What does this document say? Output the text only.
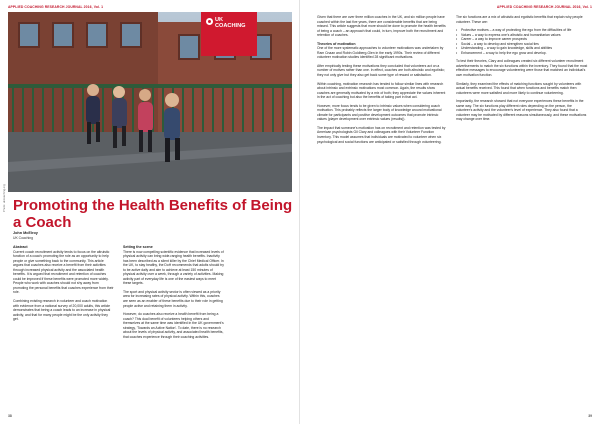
APPLIED COACHING RESEARCH JOURNAL 2016, Vol. 1
UK
COACHING
Photo: ukcoaching.org Promoting the Health Benefits of Being a Coach
John McElroy
UK Coaching
Abstract

Current coach recruitment activity tends to focus on the altruistic function of a coach: promoting the role as an opportunity to help people or give something back to the community. This article argues that coaches also receive a benefit from their activities through increased physical activity and the associated health benefits. It is argued that recruitment and retention of coaches could be improved if these benefits were promoted more widely. People who work with coaches should not shy away from promoting the personal benefits that coaches experience from their role.

Combining existing research in volunteer and coach motivation with evidence from a national survey of 20,000 adults, this article demonstrates that being a coach leads to an increase in physical activity, and that for many people might be the only activity they get.

Setting the scene

There is now compelling scientific evidence that increased levels of physical activity can bring wide-ranging health benefits. Inactivity has been described as a silent killer by the Chief Medical Officer. In the UK, to stay healthy, the DoH recommends that adults should try to be active daily and aim to achieve at least 150 minutes of physical activity over a week, through a variety of activities. Making activity part of everyday life is one of the easiest ways to meet these targets.

The sport and physical activity sector is often viewed as a priority area for increasing rates of physical activity. Within this, coaches are seen as an enabler of these benefits due to their role in getting people active and retaining them in activity.

However, do coaches also receive a health benefit from being a coach? This dual benefit of volunteers helping others and themselves at the same time was identified in the UK government's strategy, 'Towards an Active Nation'. To date, there is no research about the levels of physical activity, and associated health benefits, that coaches experience through their coaching activities.

38
APPLIED COACHING RESEARCH JOURNAL 2016, Vol. 1

Given that there are over three million coaches in the UK, and six million people have coached within the last five years, there are considerable benefits that are being missed. This article suggests that more should be done to promote the health benefits of being a coach – an approach that could, in turn, improve both the recruitment and retention of coaches.

Theories of motivation

One of the more systematic approaches to volunteer motivations was undertaken by Ram Cnaan and Robin Goldberg-Glen in the early 1990s. Their review of different volunteer motivation studies identified 28 significant motivations.

After empirically testing these motivations they concluded that volunteers act on a number of motives rather than one. In effect, coaches are both altruistic and egotistic; they not only give but they also get back some type of reward or satisfaction.

Within coaching, motivation research has tended to follow similar lines with research about intrinsic and extrinsic motivations most common. Again, the results show coaches are generally motivated by a mix of both; they appreciate the values inherent in the act of coaching but also the benefits of taking part in that act.

However, more focus tends to be given to intrinsic values when considering coach motivation. This probably reflects the larger body of knowledge around motivational climate for participants and positive development outcomes that promote intrinsic values (player development over extrinsic values (results)).

The impact that someone's motivation has on recruitment and retention was tested by American psychologists Gil Clary and colleagues with their Volunteer Function Inventory. This model assumes that individuals are motivated to volunteer when six psychological and social functions are anticipated or satisfied through volunteering.

The six functions are a mix of altruistic and egotistic benefits that explain why people volunteer. These are:

• Protective motives – a way of protecting the ego from the difficulties of life
• Values – a way to express one's altruistic and humanitarian values
• Career – a way to improve career prospects
• Social – a way to develop and strengthen social ties
• Understanding – a way to gain knowledge, skills and abilities
• Enhancement – a way to help the ego grow and develop.

To test their theories, Clary and colleagues created six different volunteer recruitment advertisements to match the six functions within the inventory. They found that the most effective messages to encourage volunteering were those that matched an individual's own motivation function.

Similarly, they examined the effects of matching functions sought by volunteers with actual benefits received. This found that when functions and benefits match then volunteers were more satisfied and more likely to continue volunteering.

Importantly, the research showed that not everyone experiences these benefits in the same way. The six functions play different roles depending on the person, the volunteer's activity and the volunteer's level of experience. They also found that a volunteer may be motivated by different reasons simultaneously, and these motivations may change over time.

39
